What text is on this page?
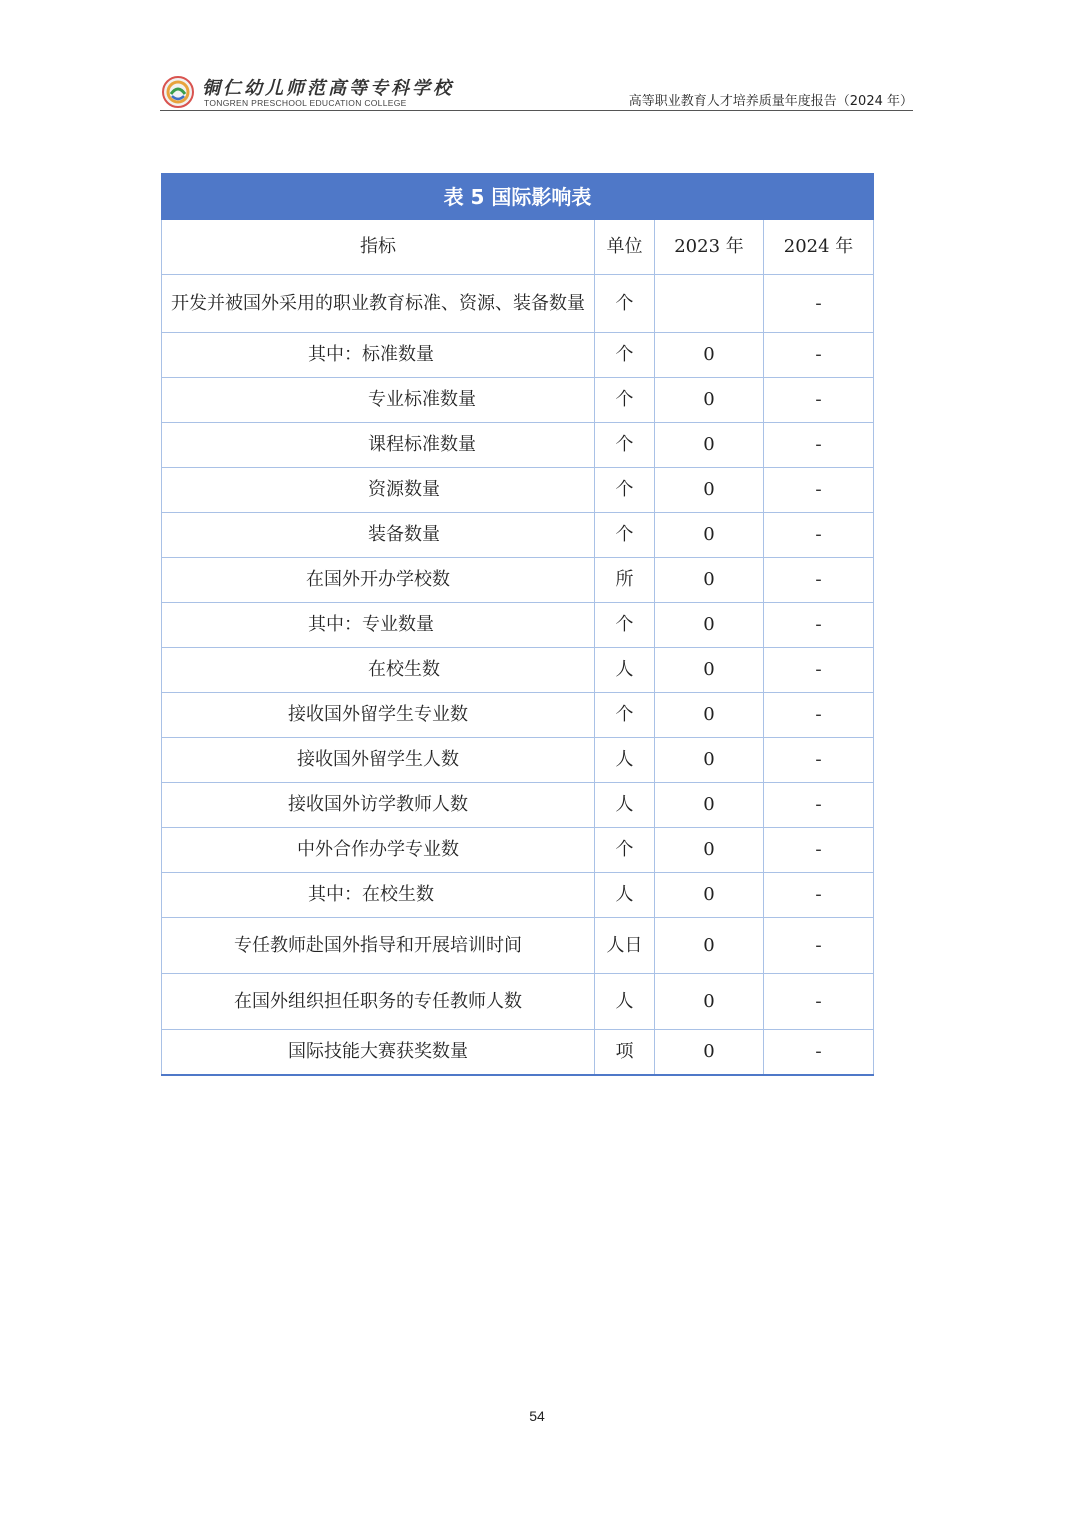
铜仁幼儿师范高等专科学校
TONGREN PRESCHOOL EDUCATION COLLEGE	高等职业教育人才培养质量年度报告（2024 年）
表 5 国际影响表			
指标	单位	2023 年	2024 年
开发并被国外采用的职业教育标准、资源、装备数量	个		-
其中：标准数量	个	0	-
专业标准数量	个	0	-
课程标准数量	个	0	-
资源数量	个	0	-
装备数量	个	0	-
在国外开办学校数	所	0	-
其中：专业数量	个	0	-
在校生数	人	0	-
接收国外留学生专业数	个	0	-
接收国外留学生人数	人	0	-
接收国外访学教师人数	人	0	-
中外合作办学专业数	个	0	-
其中：在校生数	人	0	-
专任教师赴国外指导和开展培训时间	人日	0	-
在国外组织担任职务的专任教师人数	人	0	-
国际技能大赛获奖数量	项	0	-
54
